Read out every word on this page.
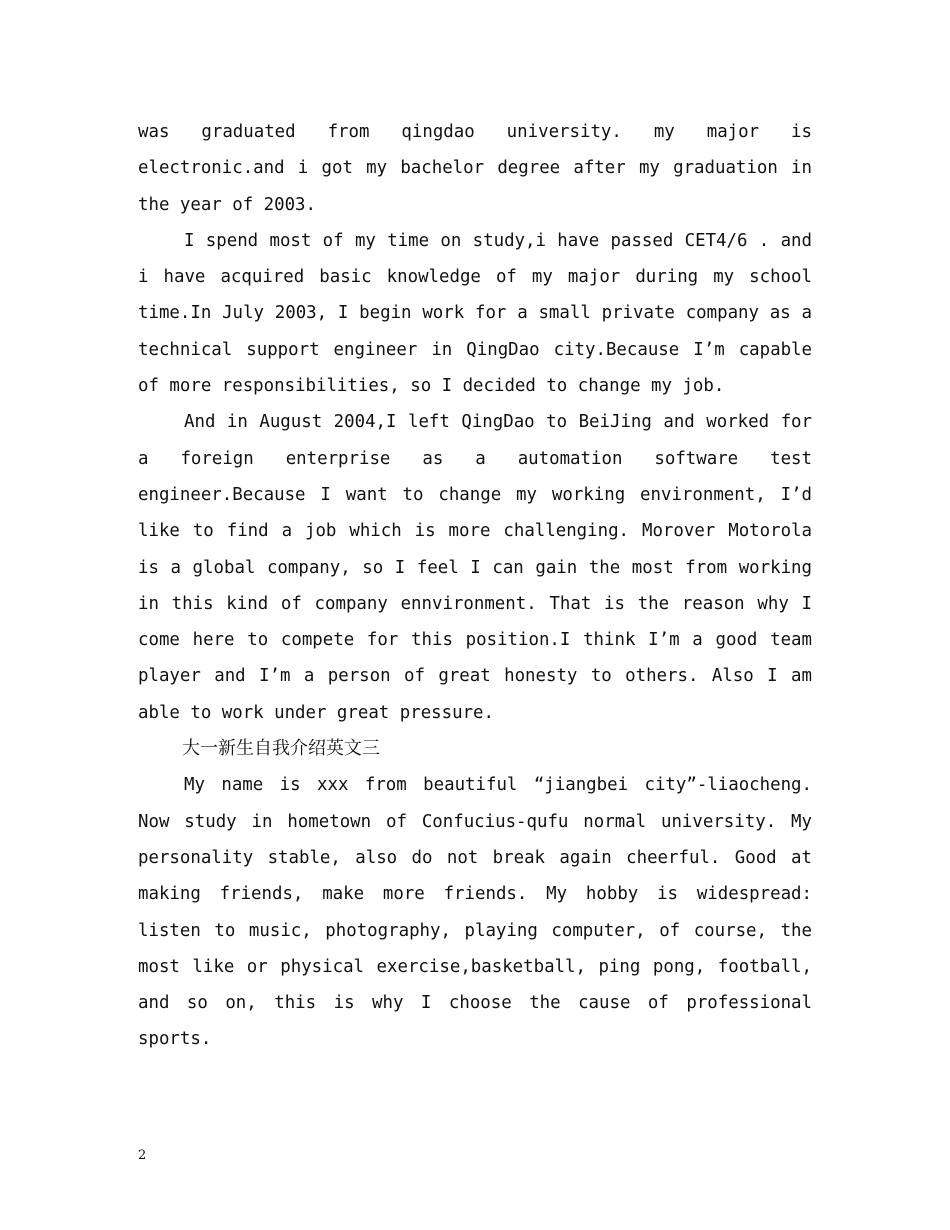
was graduated from qingdao university. my major is electronic.and i got my bachelor degree after my graduation in the year of 2003.

I spend most of my time on study,i have passed CET4/6 . and i have acquired basic knowledge of my major during my school time.In July 2003, I begin work for a small private company as a technical support engineer in QingDao city.Because I’m capable of more responsibilities, so I decided to change my job.

And in August 2004,I left QingDao to BeiJing and worked for a foreign enterprise as a automation software test engineer.Because I want to change my working environment, I’d like to find a job which is more challenging. Morover Motorola is a global company, so I feel I can gain the most from working in this kind of company ennvironment. That is the reason why I come here to compete for this position.I think I’m a good team player and I’m a person of great honesty to others. Also I am able to work under great pressure.

大一新生自我介绍英文三

My name is xxx from beautiful “jiangbei city”-liaocheng. Now study in hometown of Confucius-qufu normal university. My personality stable, also do not break again cheerful. Good at making friends, make more friends. My hobby is widespread: listen to music, photography, playing computer, of course, the most like or physical exercise,basketball, ping pong, football, and so on, this is why I choose the cause of professional sports.

2
